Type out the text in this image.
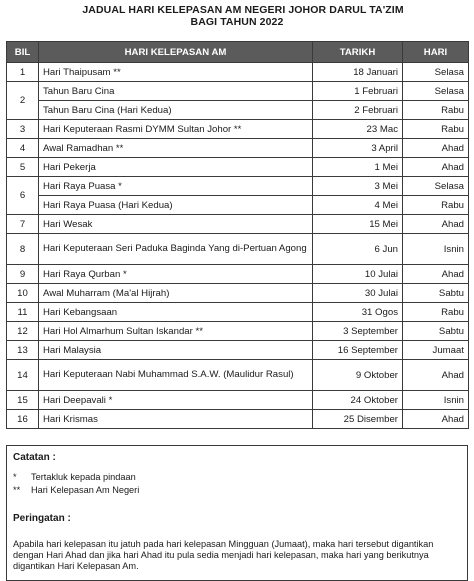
JADUAL HARI KELEPASAN AM NEGERI JOHOR DARUL TA'ZIM
BAGI TAHUN 2022
BIL	HARI KELEPASAN AM	TARIKH	HARI
1	Hari Thaipusam **	18 Januari	Selasa
2	Tahun Baru Cina	1 Februari	Selasa
	Tahun Baru Cina (Hari Kedua)	2 Februari	Rabu
3	Hari Keputeraan Rasmi DYMM Sultan Johor **	23 Mac	Rabu
4	Awal Ramadhan **	3 April	Ahad
5	Hari Pekerja	1 Mei	Ahad
6	Hari Raya Puasa *	3 Mei	Selasa
	Hari Raya Puasa (Hari Kedua)	4 Mei	Rabu
7	Hari Wesak	15 Mei	Ahad
8	Hari Keputeraan Seri Paduka Baginda Yang di-Pertuan Agong	6 Jun	Isnin
9	Hari Raya Qurban *	10 Julai	Ahad
10	Awal Muharram (Ma'al Hijrah)	30 Julai	Sabtu
11	Hari Kebangsaan	31 Ogos	Rabu
12	Hari Hol Almarhum Sultan Iskandar **	3 September	Sabtu
13	Hari Malaysia	16 September	Jumaat
14	Hari Keputeraan Nabi Muhammad S.A.W. (Maulidur Rasul)	9 Oktober	Ahad
15	Hari Deepavali *	24 Oktober	Isnin
16	Hari Krismas	25 Disember	Ahad
Catatan :
* Tertakluk kepada pindaan
** Hari Kelepasan Am Negeri
Peringatan :
Apabila hari kelepasan itu jatuh pada hari kelepasan Mingguan (Jumaat), maka hari tersebut digantikan dengan Hari Ahad dan jika hari Ahad itu pula sedia menjadi hari kelepasan, maka hari yang berikutnya digantikan Hari Kelepasan Am.
